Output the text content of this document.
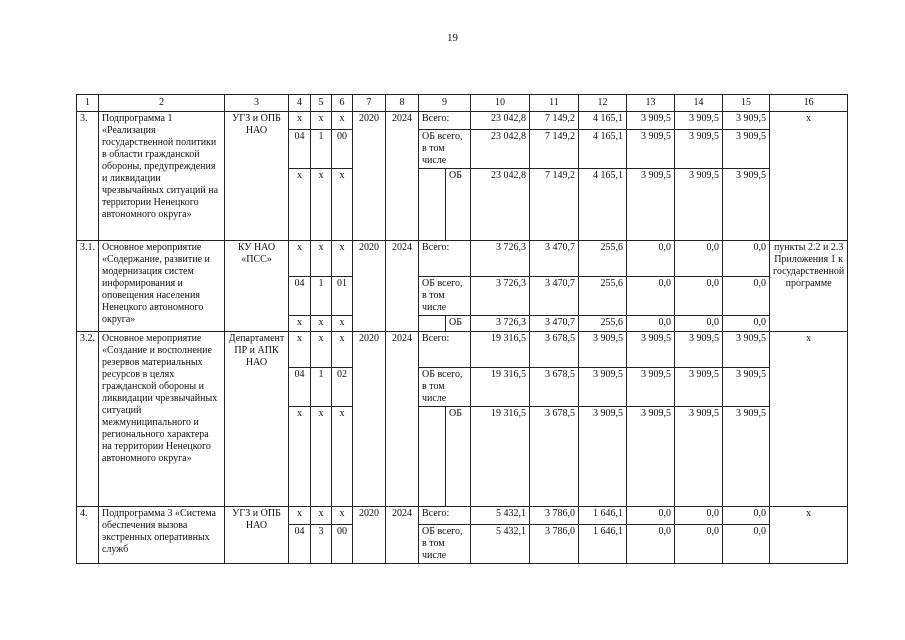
19
1	2	3	4	5	6	7	8	9		10	11	12	13	14	15	16
3.	Подпрограмма 1 «Реализация государственной политики в области гражданской обороны, предупреждения и ликвидации чрезвычайных ситуаций на территории Ненецкого автономного округа»	УГЗ и ОПБ НАО	х	х	х	2020	2024	Всего:		23 042,8	7 149,2	4 165,1	3 909,5	3 909,5	3 909,5	х
			04	1	00			ОБ всего, в том числе		23 042,8	7 149,2	4 165,1	3 909,5	3 909,5	3 909,5	
			х	х	х				ОБ	23 042,8	7 149,2	4 165,1	3 909,5	3 909,5	3 909,5	
3.1.	Основное мероприятие «Содержание, развитие и модернизация систем информирования и оповещения населения Ненецкого автономного округа»	КУ НАО «ПСС»	х	х	х	2020	2024	Всего:		3 726,3	3 470,7	255,6	0,0	0,0	0,0	пункты 2.2 и 2.3 Приложения 1 к государственной программе
			04	1	01			ОБ всего, в том числе		3 726,3	3 470,7	255,6	0,0	0,0	0,0	
			х	х	х				ОБ	3 726,3	3 470,7	255,6	0,0	0,0	0,0	
3.2.	Основное мероприятие «Создание и восполнение резервов материальных ресурсов в целях гражданской обороны и ликвидации чрезвычайных ситуаций межмуниципального и регионального характера на территории Ненецкого автономного округа»	Департамент ПР и АПК НАО	х	х	х	2020	2024	Всего:		19 316,5	3 678,5	3 909,5	3 909,5	3 909,5	3 909,5	х
			04	1	02			ОБ всего, в том числе		19 316,5	3 678,5	3 909,5	3 909,5	3 909,5	3 909,5	
			х	х	х				ОБ	19 316,5	3 678,5	3 909,5	3 909,5	3 909,5	3 909,5	
4.	Подпрограмма 3 «Система обеспечения вызова экстренных оперативных служб	УГЗ и ОПБ НАО	х	х	х	2020	2024	Всего:		5 432,1	3 786,0	1 646,1	0,0	0,0	0,0	х
			04	3	00			ОБ всего, в том числе		5 432,1	3 786,0	1 646,1	0,0	0,0	0,0	
